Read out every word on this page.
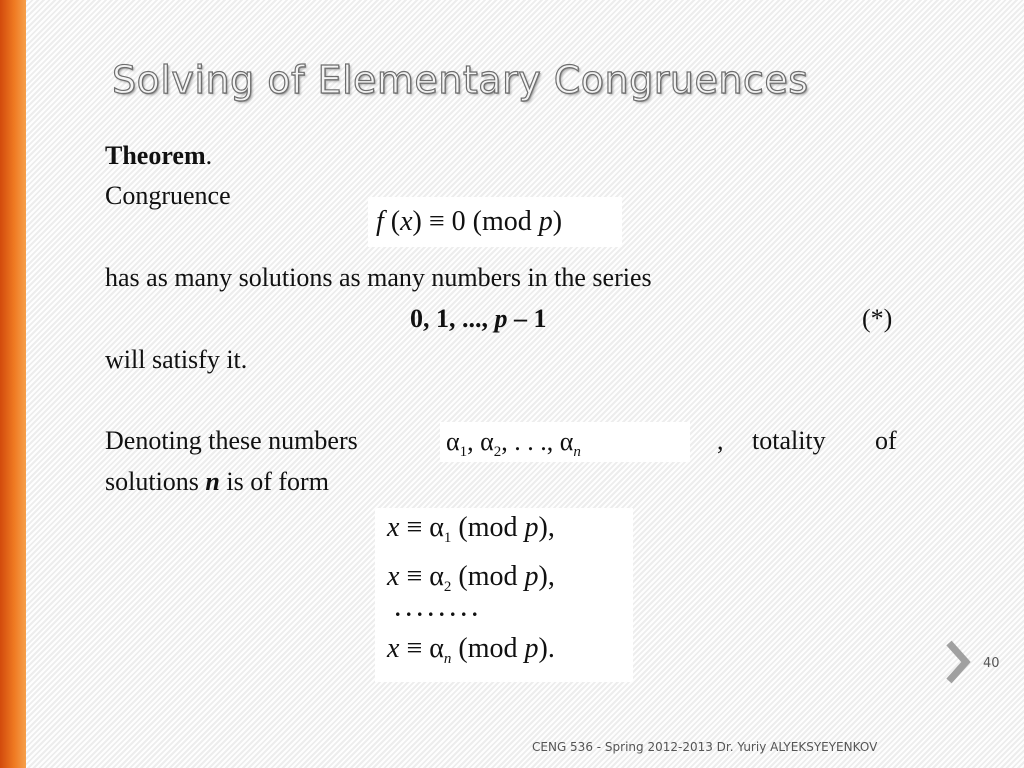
Solving of Elementary Congruences
Theorem.
Congruence
f (x) ≡ 0 (mod p)
has as many solutions as many numbers in the series
0, 1, ..., p – 1	(*)
will satisfy it.
Denoting these numbers	$\alpha_1$, $\alpha_2$, . . ., $\alpha_n$	, totality of
solutions n is of form
$x \equiv \alpha_1$ (mod p),
$x \equiv \alpha_2$ (mod p),
. . . . . . . .
$x \equiv \alpha_n$ (mod p).	40
CENG 536 - Spring 2012-2013 Dr. Yuriy ALYEKSYEYENKOV
